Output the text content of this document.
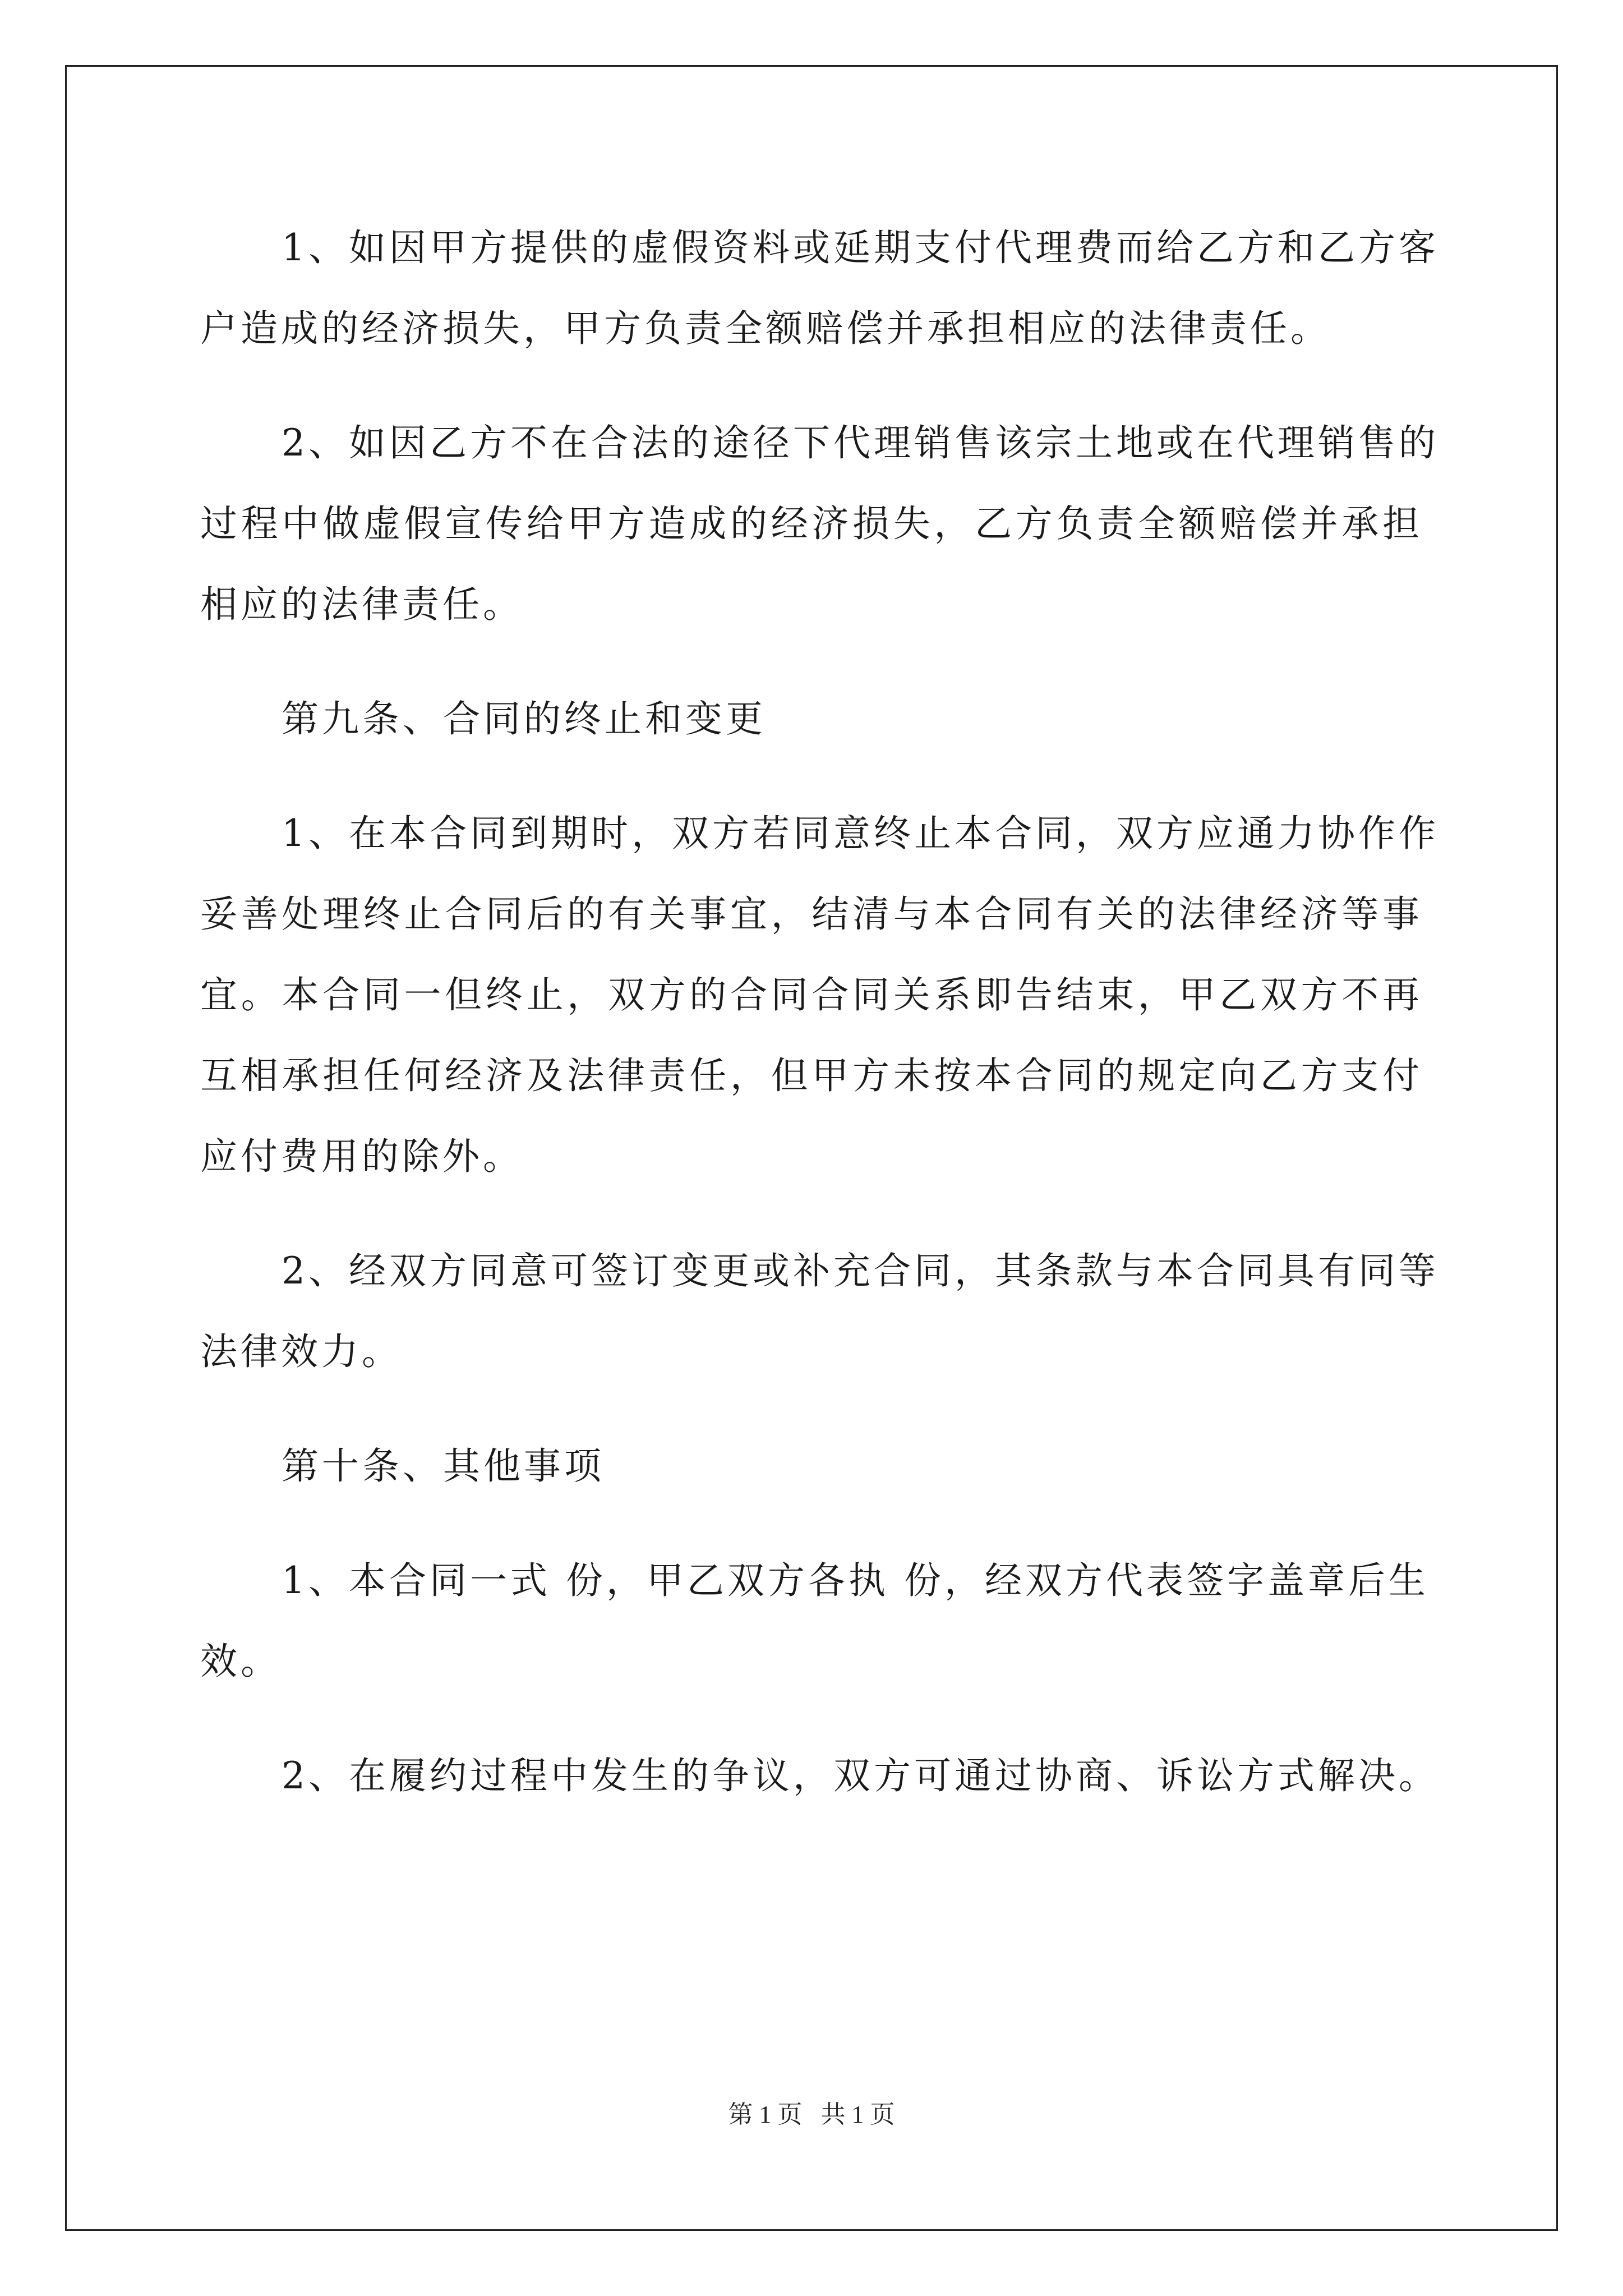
1、如因甲方提供的虚假资料或延期支付代理费而给乙方和乙方客

户造成的经济损失，甲方负责全额赔偿并承担相应的法律责任。

2、如因乙方不在合法的途径下代理销售该宗土地或在代理销售的

过程中做虚假宣传给甲方造成的经济损失，乙方负责全额赔偿并承担

相应的法律责任。

第九条、合同的终止和变更

1、在本合同到期时，双方若同意终止本合同，双方应通力协作作

妥善处理终止合同后的有关事宜，结清与本合同有关的法律经济等事

宜。本合同一但终止，双方的合同合同关系即告结束，甲乙双方不再

互相承担任何经济及法律责任，但甲方未按本合同的规定向乙方支付

应付费用的除外。

2、经双方同意可签订变更或补充合同，其条款与本合同具有同等

法律效力。

第十条、其他事项

1、本合同一式 份，甲乙双方各执 份，经双方代表签字盖章后生

效。

2、在履约过程中发生的争议，双方可通过协商、诉讼方式解决。

第 1 页   共 1 页
